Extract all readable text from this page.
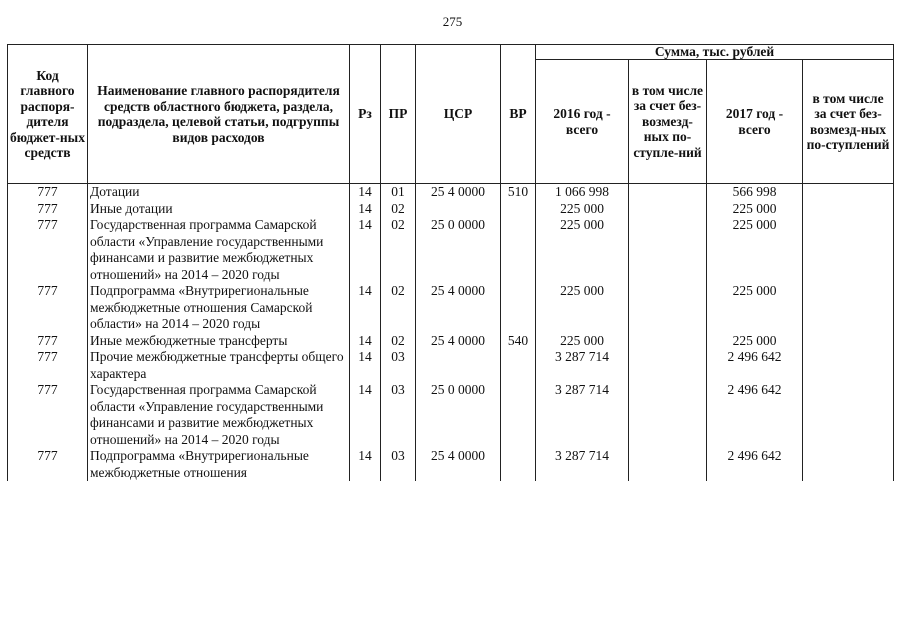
275
Код главного распоря-дителя бюджет-ных средств	Наименование главного распорядителя средств областного бюджета, раздела, подраздела, целевой статьи, подгруппы видов расходов	Рз	ПР	ЦСР	ВР	Сумма, тыс. рублей			
						2016 год - всего	в том числе за счет без-возмезд-ных по-ступле-ний	2017 год - всего	в том числе за счет без-возмезд-ных по-ступлений
777	Дотации	14	01	25 4 0000	510	1 066 998		566 998	
777	Иные дотации	14	02			225 000		225 000	
777	Государственная программа Самарской области «Управление государственными финансами и развитие межбюджетных отношений» на 2014 – 2020 годы	14	02	25 0 0000		225 000		225 000	
777	Подпрограмма «Внутрирегиональные межбюджетные отношения Самарской области» на 2014 – 2020 годы	14	02	25 4 0000		225 000		225 000	
777	Иные межбюджетные трансферты	14	02	25 4 0000	540	225 000		225 000	
777	Прочие межбюджетные трансферты общего характера	14	03			3 287 714		2 496 642	
777	Государственная программа Самарской области «Управление государственными финансами и развитие межбюджетных отношений» на 2014 – 2020 годы	14	03	25 0 0000		3 287 714		2 496 642	
777	Подпрограмма «Внутрирегиональные межбюджетные отношения	14	03	25 4 0000		3 287 714		2 496 642	
